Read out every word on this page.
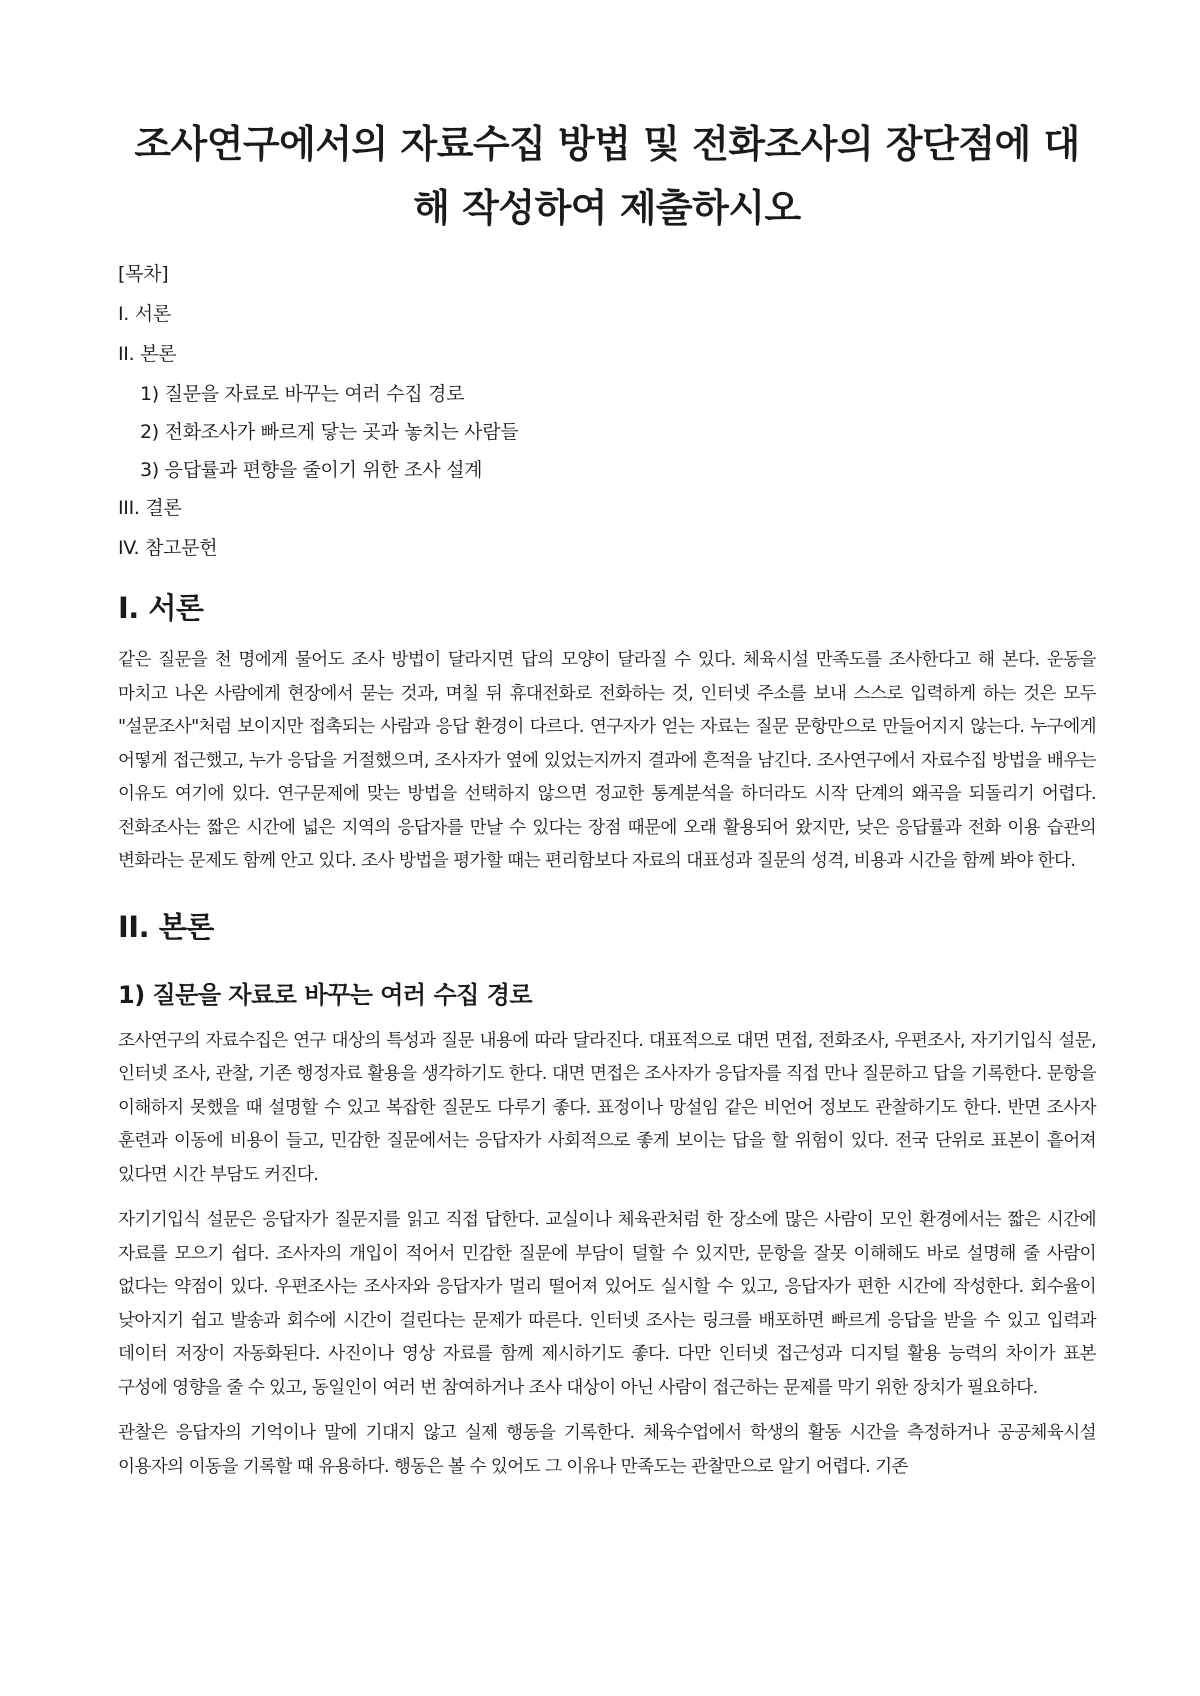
조사연구에서의 자료수집 방법 및 전화조사의 장단점에 대해 작성하여 제출하시오
[목차]
I. 서론
II. 본론
1) 질문을 자료로 바꾸는 여러 수집 경로
2) 전화조사가 빠르게 닿는 곳과 놓치는 사람들
3) 응답률과 편향을 줄이기 위한 조사 설계
III. 결론
IV. 참고문헌
I. 서론

같은 질문을 천 명에게 물어도 조사 방법이 달라지면 답의 모양이 달라질 수 있다. 체육시설 만족도를 조사한다고 해 본다. 운동을 마치고 나온 사람에게 현장에서 묻는 것과, 며칠 뒤 휴대전화로 전화하는 것, 인터넷 주소를 보내 스스로 입력하게 하는 것은 모두 "설문조사"처럼 보이지만 접촉되는 사람과 응답 환경이 다르다. 연구자가 얻는 자료는 질문 문항만으로 만들어지지 않는다. 누구에게 어떻게 접근했고, 누가 응답을 거절했으며, 조사자가 옆에 있었는지까지 결과에 흔적을 남긴다. 조사연구에서 자료수집 방법을 배우는 이유도 여기에 있다. 연구문제에 맞는 방법을 선택하지 않으면 정교한 통계분석을 하더라도 시작 단계의 왜곡을 되돌리기 어렵다. 전화조사는 짧은 시간에 넓은 지역의 응답자를 만날 수 있다는 장점 때문에 오래 활용되어 왔지만, 낮은 응답률과 전화 이용 습관의 변화라는 문제도 함께 안고 있다. 조사 방법을 평가할 때는 편리함보다 자료의 대표성과 질문의 성격, 비용과 시간을 함께 봐야 한다.

II. 본론
1) 질문을 자료로 바꾸는 여러 수집 경로

조사연구의 자료수집은 연구 대상의 특성과 질문 내용에 따라 달라진다. 대표적으로 대면 면접, 전화조사, 우편조사, 자기기입식 설문, 인터넷 조사, 관찰, 기존 행정자료 활용을 생각하기도 한다. 대면 면접은 조사자가 응답자를 직접 만나 질문하고 답을 기록한다. 문항을 이해하지 못했을 때 설명할 수 있고 복잡한 질문도 다루기 좋다. 표정이나 망설임 같은 비언어 정보도 관찰하기도 한다. 반면 조사자 훈련과 이동에 비용이 들고, 민감한 질문에서는 응답자가 사회적으로 좋게 보이는 답을 할 위험이 있다. 전국 단위로 표본이 흩어져 있다면 시간 부담도 커진다.

자기기입식 설문은 응답자가 질문지를 읽고 직접 답한다. 교실이나 체육관처럼 한 장소에 많은 사람이 모인 환경에서는 짧은 시간에 자료를 모으기 쉽다. 조사자의 개입이 적어서 민감한 질문에 부담이 덜할 수 있지만, 문항을 잘못 이해해도 바로 설명해 줄 사람이 없다는 약점이 있다. 우편조사는 조사자와 응답자가 멀리 떨어져 있어도 실시할 수 있고, 응답자가 편한 시간에 작성한다. 회수율이 낮아지기 쉽고 발송과 회수에 시간이 걸린다는 문제가 따른다. 인터넷 조사는 링크를 배포하면 빠르게 응답을 받을 수 있고 입력과 데이터 저장이 자동화된다. 사진이나 영상 자료를 함께 제시하기도 좋다. 다만 인터넷 접근성과 디지털 활용 능력의 차이가 표본 구성에 영향을 줄 수 있고, 동일인이 여러 번 참여하거나 조사 대상이 아닌 사람이 접근하는 문제를 막기 위한 장치가 필요하다.

관찰은 응답자의 기억이나 말에 기대지 않고 실제 행동을 기록한다. 체육수업에서 학생의 활동 시간을 측정하거나 공공체육시설 이용자의 이동을 기록할 때 유용하다. 행동은 볼 수 있어도 그 이유나 만족도는 관찰만으로 알기 어렵다. 기존
